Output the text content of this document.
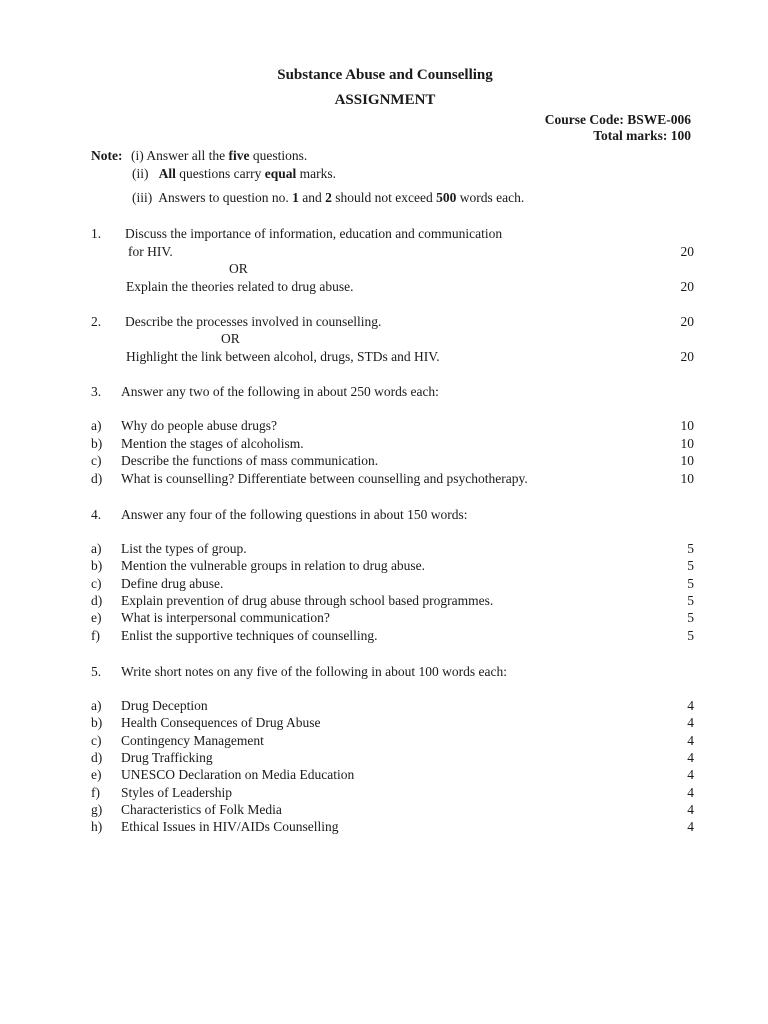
Substance Abuse and Counselling
ASSIGNMENT
Course Code: BSWE-006
Total marks: 100
Note: (i) Answer all the five questions.
(ii) All questions carry equal marks.
(iii) Answers to question no. 1 and 2 should not exceed 500 words each.
1. Discuss the importance of information, education and communication
for HIV.	20
OR
Explain the theories related to drug abuse.	20
2. Describe the processes involved in counselling.	20
OR
Highlight the link between alcohol, drugs, STDs and HIV.	20
3. Answer any two of the following in about 250 words each:
a) Why do people abuse drugs?	10
b) Mention the stages of alcoholism.	10
c) Describe the functions of mass communication.	10
d) What is counselling? Differentiate between counselling and psychotherapy.	10
4. Answer any four of the following questions in about 150 words:
a) List the types of group.	5
b) Mention the vulnerable groups in relation to drug abuse.	5
c) Define drug abuse.	5
d) Explain prevention of drug abuse through school based programmes.	5
e) What is interpersonal communication?	5
f) Enlist the supportive techniques of counselling.	5
5. Write short notes on any five of the following in about 100 words each:
a) Drug Deception	4
b) Health Consequences of Drug Abuse	4
c) Contingency Management	4
d) Drug Trafficking	4
e) UNESCO Declaration on Media Education	4
f) Styles of Leadership	4
g) Characteristics of Folk Media	4
h) Ethical Issues in HIV/AIDs Counselling	4
